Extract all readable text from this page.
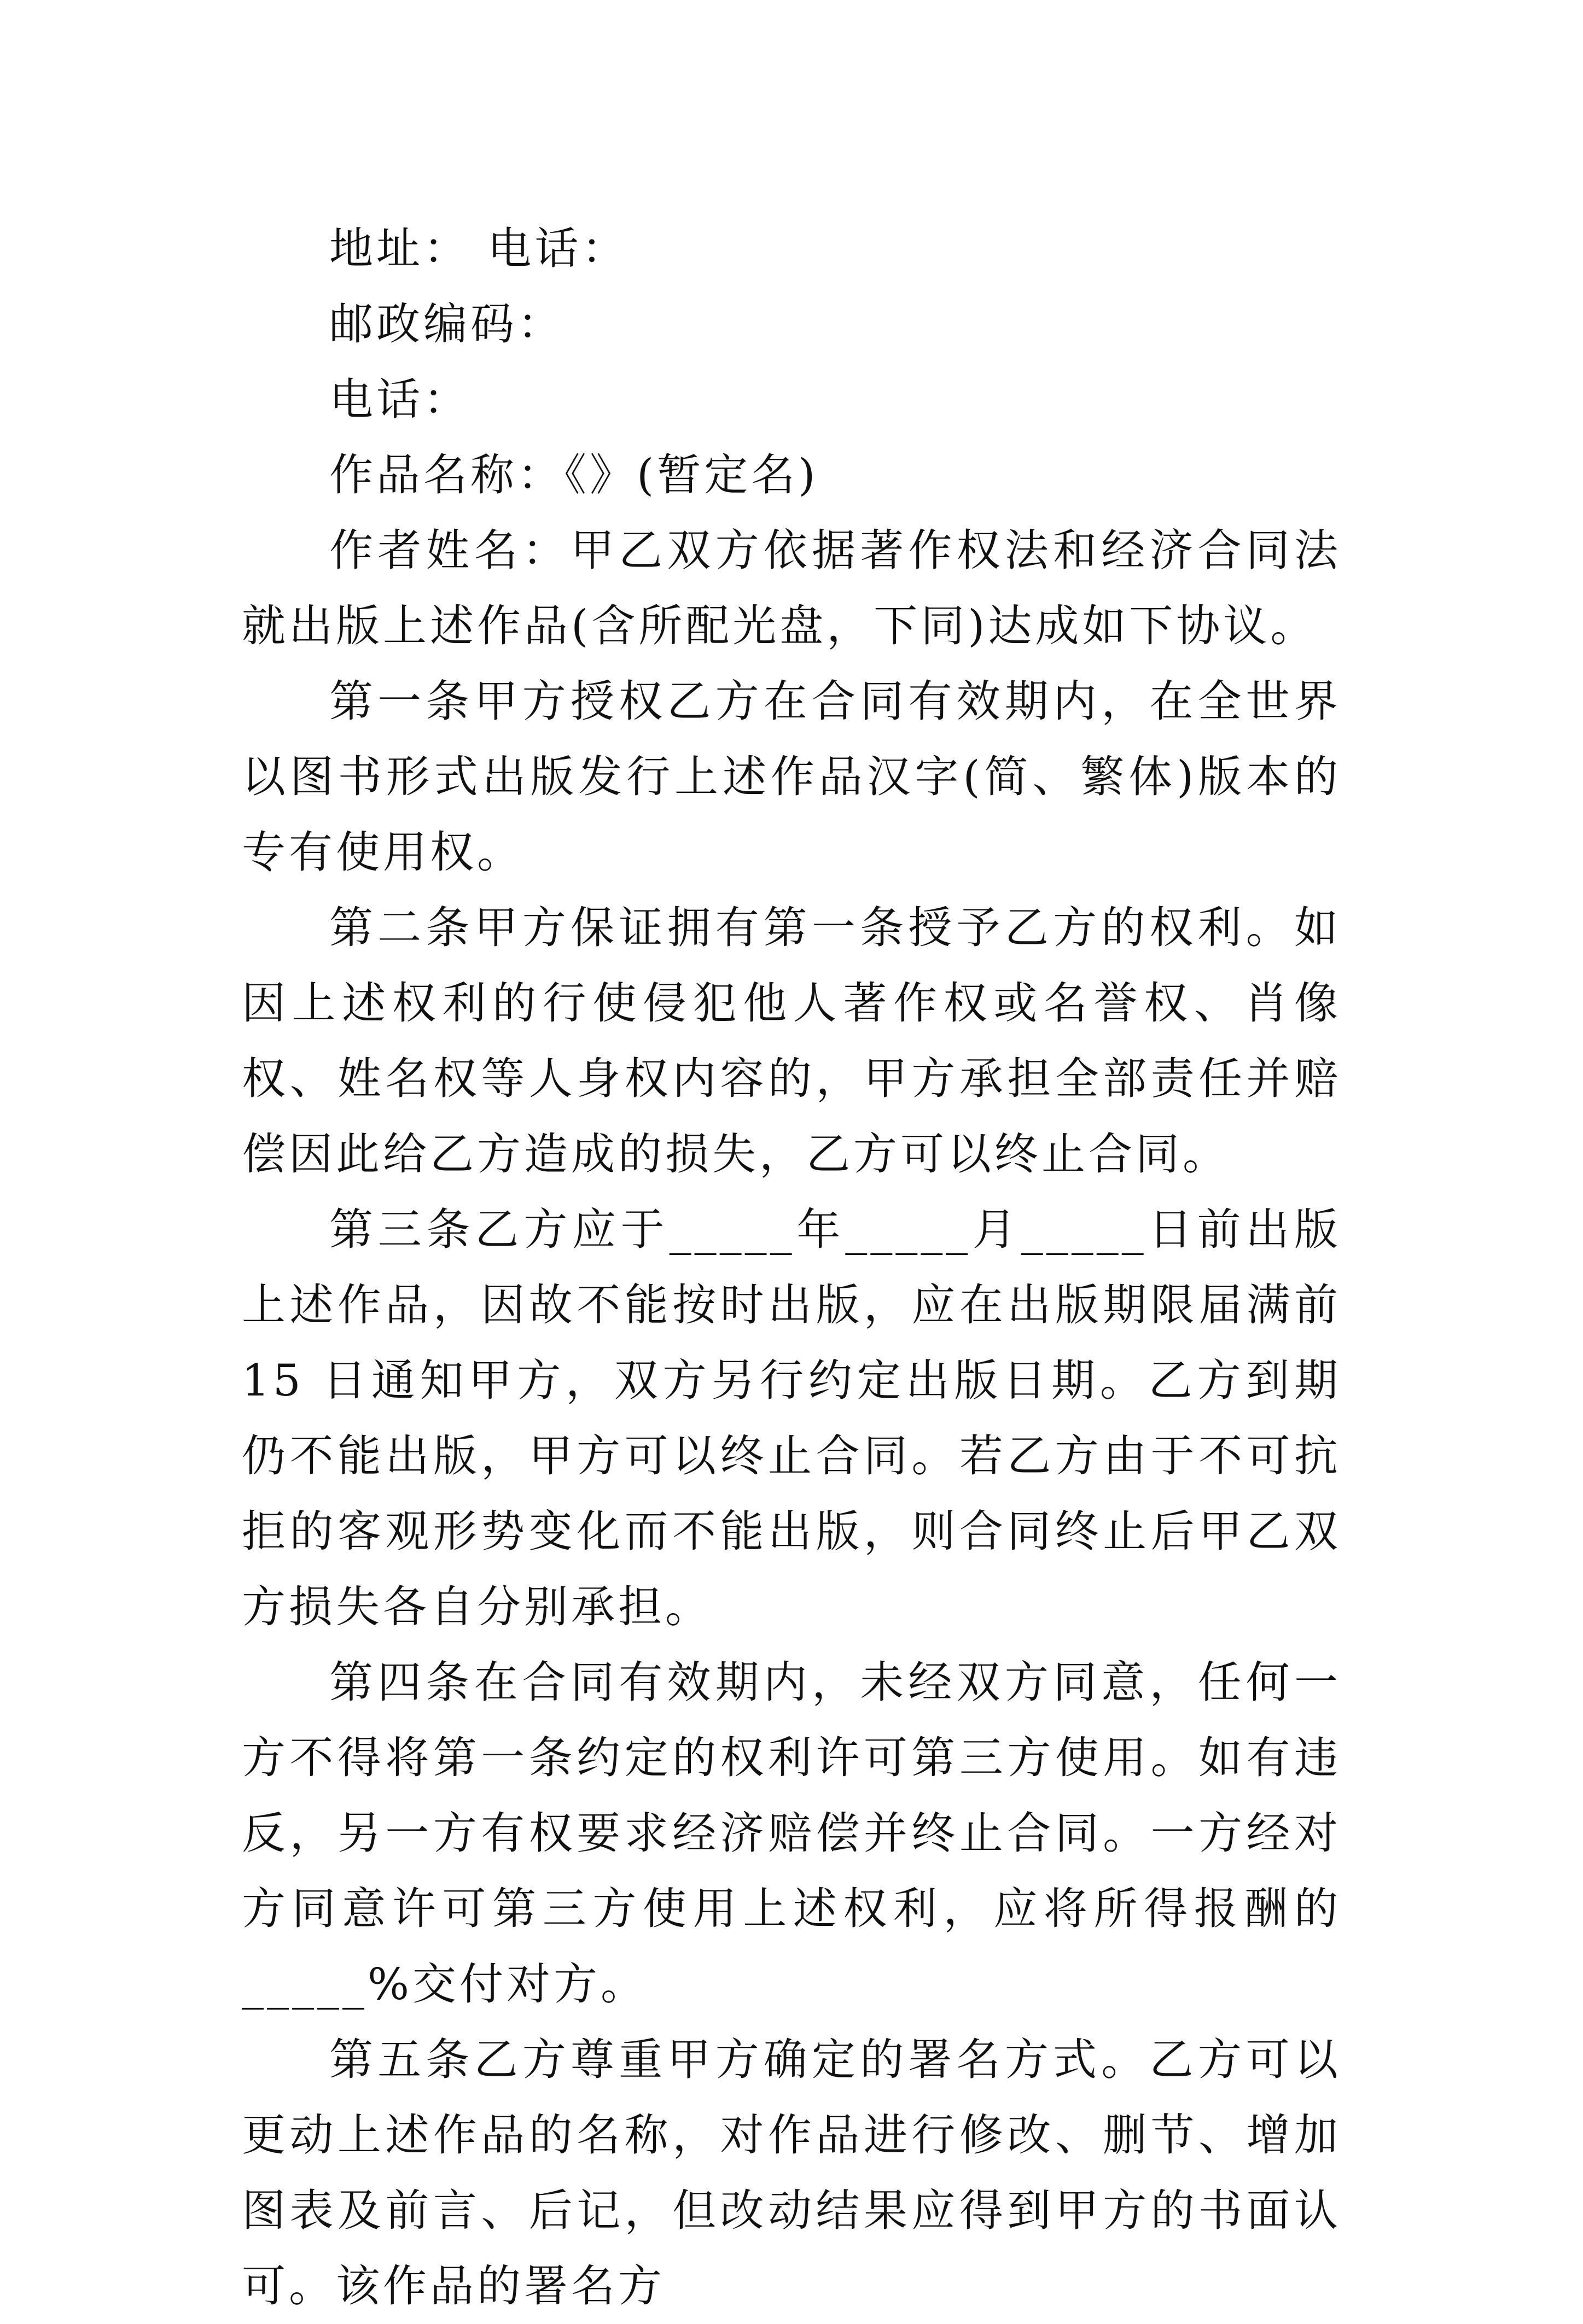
地址： 电话：

邮政编码：

电话：

作品名称：《》(暂定名)

作者姓名：甲乙双方依据著作权法和经济合同法就出版上述作品(含所配光盘，下同)达成如下协议。

第一条甲方授权乙方在合同有效期内，在全世界以图书形式出版发行上述作品汉字(简、繁体)版本的专有使用权。

第二条甲方保证拥有第一条授予乙方的权利。如因上述权利的行使侵犯他人著作权或名誉权、肖像权、姓名权等人身权内容的，甲方承担全部责任并赔偿因此给乙方造成的损失，乙方可以终止合同。

第三条乙方应于_____年_____月_____日前出版上述作品，因故不能按时出版，应在出版期限届满前 15 日通知甲方，双方另行约定出版日期。乙方到期仍不能出版，甲方可以终止合同。若乙方由于不可抗拒的客观形势变化而不能出版，则合同终止后甲乙双方损失各自分别承担。

第四条在合同有效期内，未经双方同意，任何一方不得将第一条约定的权利许可第三方使用。如有违反，另一方有权要求经济赔偿并终止合同。一方经对方同意许可第三方使用上述权利，应将所得报酬的_____%交付对方。

第五条乙方尊重甲方确定的署名方式。乙方可以更动上述作品的名称，对作品进行修改、删节、增加图表及前言、后记，但改动结果应得到甲方的书面认可。该作品的署名方
